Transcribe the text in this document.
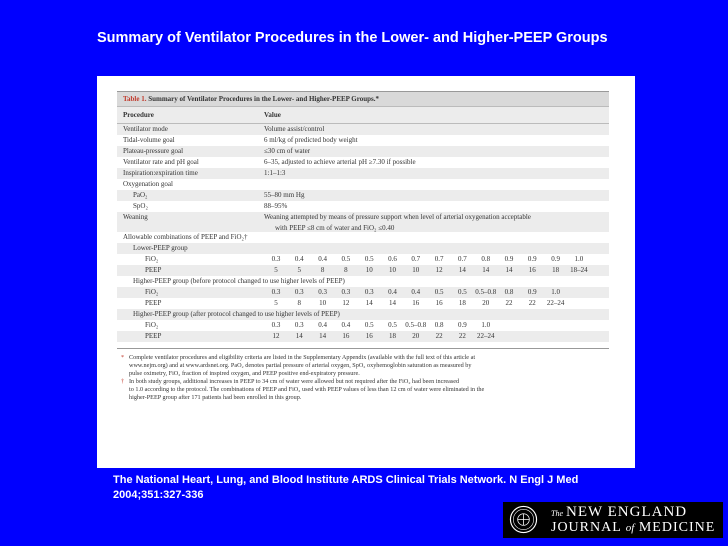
Summary of Ventilator Procedures in the Lower- and Higher-PEEP Groups
Table 1. Summary of Ventilator Procedures in the Lower- and Higher-PEEP Groups.*
Procedure	Value
Ventilator mode	Volume assist/control
Tidal-volume goal	6 ml/kg of predicted body weight
Plateau-pressure goal	≤30 cm of water
Ventilator rate and pH goal	6–35, adjusted to achieve arterial pH ≥7.30 if possible
Inspiration:expiration time	1:1–1:3
Oxygenation goal
PaO₂	55–80 mm Hg
SpO₂	88–95%
Weaning	Weaning attempted by means of pressure support when level of arterial oxygenation acceptable
with PEEP ≤8 cm of water and FiO₂ ≤0.40
Allowable combinations of PEEP and FiO₂†
Lower-PEEP group
FiO₂	0.3	0.4	0.4	0.5	0.5	0.6	0.7	0.7	0.7	0.8	0.9	0.9	0.9	1.0
PEEP	5	5	8	8	10	10	10	12	14	14	14	16	18	18–24
Higher-PEEP group (before protocol changed to use higher levels of PEEP)
FiO₂	0.3	0.3	0.3	0.3	0.3	0.4	0.4	0.5	0.5	0.5–0.8	0.8	0.9	1.0
PEEP	5	8	10	12	14	14	16	16	18	20	22	22	22–24
Higher-PEEP group (after protocol changed to use higher levels of PEEP)
FiO₂	0.3	0.3	0.4	0.4	0.5	0.5	0.5–0.8	0.8	0.9	1.0
PEEP	12	14	14	16	16	18	20	22	22	22–24
* Complete ventilator procedures and eligibility criteria are listed in the Supplementary Appendix (available with the full text of this article at
www.nejm.org) and at www.ardsnet.org. PaO₂ denotes partial pressure of arterial oxygen, SpO₂ oxyhemoglobin saturation as measured by
pulse oximetry, FiO₂ fraction of inspired oxygen, and PEEP positive end-expiratory pressure.
† In both study groups, additional increases in PEEP to 34 cm of water were allowed but not required after the FiO₂ had been increased
to 1.0 according to the protocol. The combinations of PEEP and FiO₂ used with PEEP values of less than 12 cm of water were eliminated in the
higher-PEEP group after 171 patients had been enrolled in this group.
The National Heart, Lung, and Blood Institute ARDS Clinical Trials Network. N Engl J Med
2004;351:327-336
The NEW ENGLAND
JOURNAL of MEDICINE
